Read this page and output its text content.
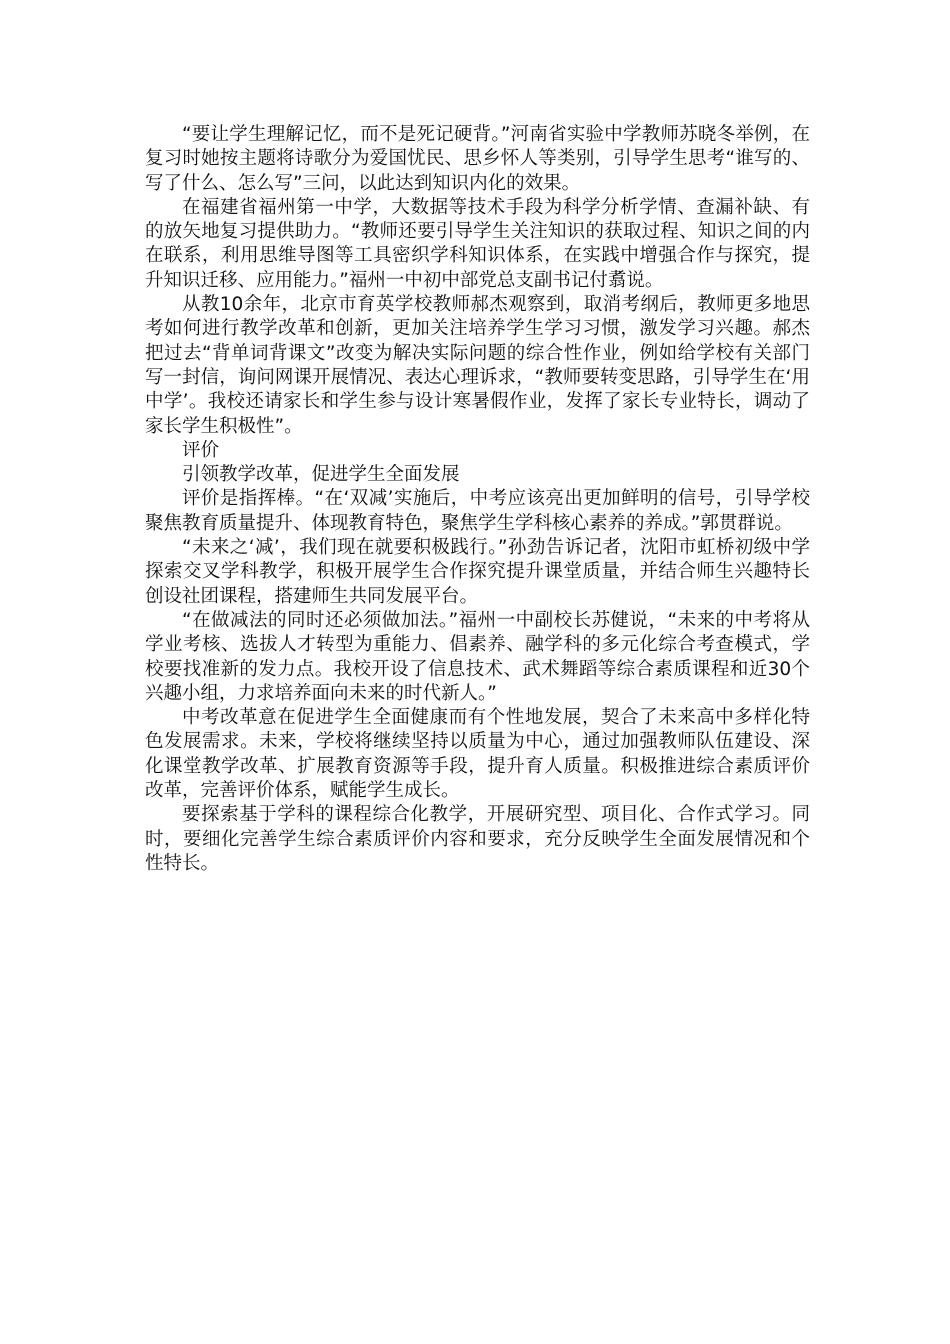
“要让学生理解记忆，而不是死记硬背。”河南省实验中学教师苏晓冬举例，在复习时她按主题将诗歌分为爱国忧民、思乡怀人等类别，引导学生思考“谁写的、写了什么、怎么写”三问，以此达到知识内化的效果。

在福建省福州第一中学，大数据等技术手段为科学分析学情、查漏补缺、有的放矢地复习提供助力。“教师还要引导学生关注知识的获取过程、知识之间的内在联系，利用思维导图等工具密织学科知识体系，在实践中增强合作与探究，提升知识迁移、应用能力。”福州一中初中部党总支副书记付翥说。

从教10余年，北京市育英学校教师郝杰观察到，取消考纲后，教师更多地思考如何进行教学改革和创新，更加关注培养学生学习习惯，激发学习兴趣。郝杰把过去“背单词背课文”改变为解决实际问题的综合性作业，例如给学校有关部门写一封信，询问网课开展情况、表达心理诉求，“教师要转变思路，引导学生在‘用中学’。我校还请家长和学生参与设计寒暑假作业，发挥了家长专业特长，调动了家长学生积极性”。

评价

引领教学改革，促进学生全面发展

评价是指挥棒。“在‘双减’实施后，中考应该亮出更加鲜明的信号，引导学校聚焦教育质量提升、体现教育特色，聚焦学生学科核心素养的养成。”郭贯群说。

“未来之‘减’，我们现在就要积极践行。”孙劲告诉记者，沈阳市虹桥初级中学探索交叉学科教学，积极开展学生合作探究提升课堂质量，并结合师生兴趣特长创设社团课程，搭建师生共同发展平台。

“在做减法的同时还必须做加法。”福州一中副校长苏健说，“未来的中考将从学业考核、选拔人才转型为重能力、倡素养、融学科的多元化综合考查模式，学校要找准新的发力点。我校开设了信息技术、武术舞蹈等综合素质课程和近30个兴趣小组，力求培养面向未来的时代新人。”

中考改革意在促进学生全面健康而有个性地发展，契合了未来高中多样化特色发展需求。未来，学校将继续坚持以质量为中心，通过加强教师队伍建设、深化课堂教学改革、扩展教育资源等手段，提升育人质量。积极推进综合素质评价改革，完善评价体系，赋能学生成长。

要探索基于学科的课程综合化教学，开展研究型、项目化、合作式学习。同时，要细化完善学生综合素质评价内容和要求，充分反映学生全面发展情况和个性特长。
